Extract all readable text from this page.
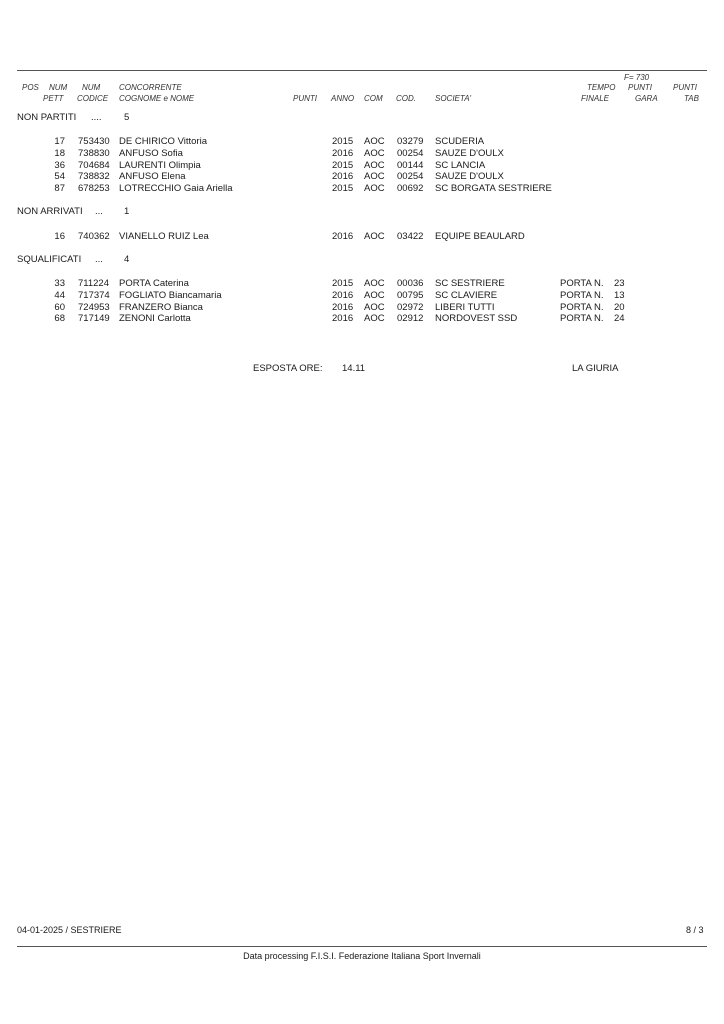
F= 730
POS NUM NUM CONCORRENTE	TEMPO PUNTI	PUNTI
PETT CODICE COGNOME e NOME	PUNTI ANNO COM COD. SOCIETA'	FINALE	GARA	TAB
NON PARTITI .... 5
17 753430 DE CHIRICO Vittoria	2015 AOC 03279 SCUDERIA
18 738830 ANFUSO Sofia	2016 AOC 00254 SAUZE D'OULX
36 704684 LAURENTI Olimpia	2015 AOC 00144 SC LANCIA
54 738832 ANFUSO Elena	2016 AOC 00254 SAUZE D'OULX
87 678253 LOTRECCHIO Gaia Ariella	2015 AOC 00692 SC BORGATA SESTRIERE
NON ARRIVATI ... 1
16 740362 VIANELLO RUIZ Lea	2016 AOC 03422 EQUIPE BEAULARD
SQUALIFICATI ... 4
33 711224 PORTA Caterina	2015 AOC 00036 SC SESTRIERE	PORTA N. 23
44 717374 FOGLIATO Biancamaria	2016 AOC 00795 SC CLAVIERE	PORTA N. 13
60 724953 FRANZERO Bianca	2016 AOC 02972 LIBERI TUTTI	PORTA N. 20
68 717149 ZENONI Carlotta	2016 AOC 02912 NORDOVEST SSD	PORTA N. 24
ESPOSTA ORE: 14.11	LA GIURIA
04-01-2025 / SESTRIERE	8 / 3
Data processing F.I.S.I. Federazione Italiana Sport Invernali
